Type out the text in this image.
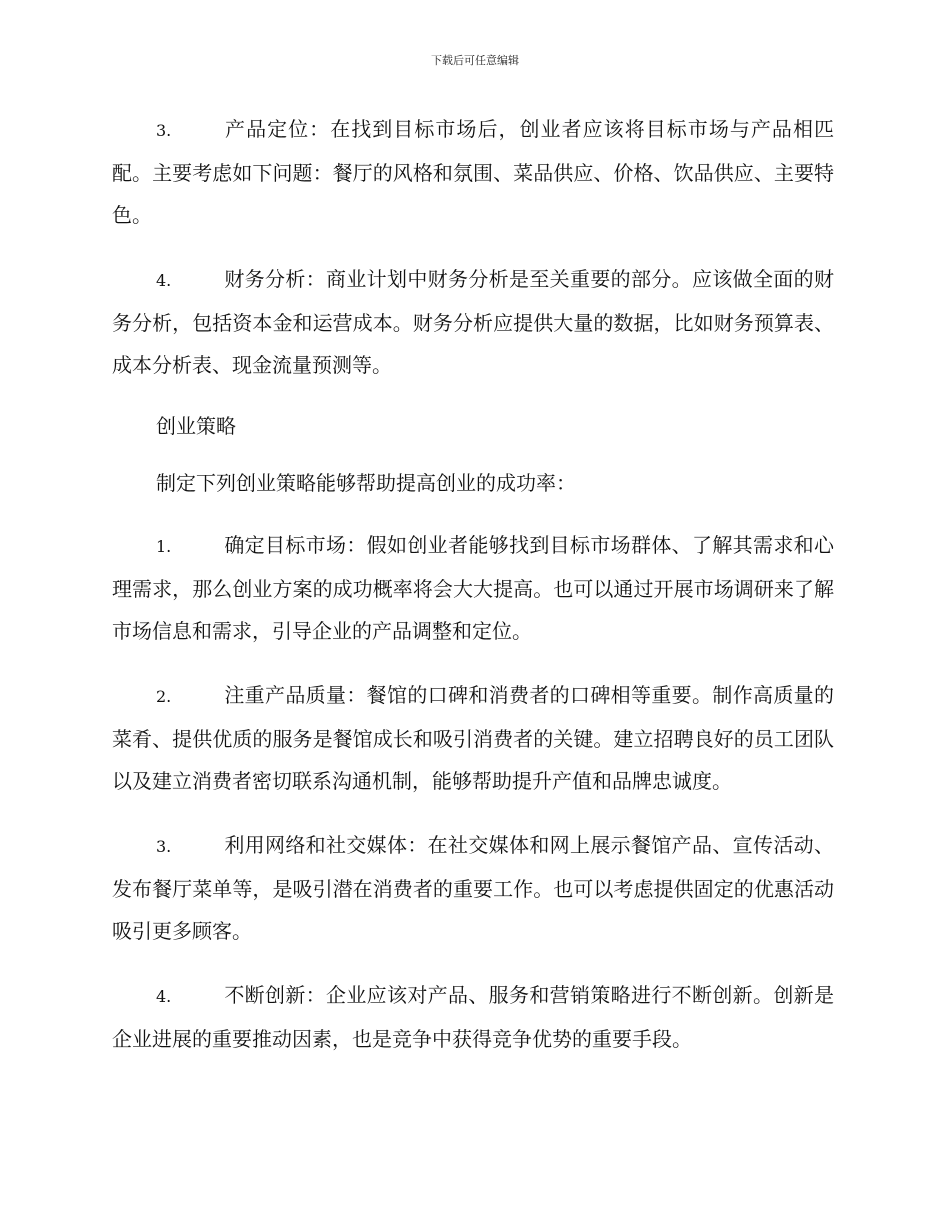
下载后可任意编辑

3.	产品定位：在找到目标市场后，创业者应该将目标市场与产品相匹配。主要考虑如下问题：餐厅的风格和氛围、菜品供应、价格、饮品供应、主要特色。

4.	财务分析：商业计划中财务分析是至关重要的部分。应该做全面的财务分析，包括资本金和运营成本。财务分析应提供大量的数据，比如财务预算表、成本分析表、现金流量预测等。

创业策略

制定下列创业策略能够帮助提高创业的成功率：

1.	确定目标市场：假如创业者能够找到目标市场群体、了解其需求和心理需求，那么创业方案的成功概率将会大大提高。也可以通过开展市场调研来了解市场信息和需求，引导企业的产品调整和定位。

2.	注重产品质量：餐馆的口碑和消费者的口碑相等重要。制作高质量的菜肴、提供优质的服务是餐馆成长和吸引消费者的关键。建立招聘良好的员工团队以及建立消费者密切联系沟通机制，能够帮助提升产值和品牌忠诚度。

3.	利用网络和社交媒体：在社交媒体和网上展示餐馆产品、宣传活动、发布餐厅菜单等，是吸引潜在消费者的重要工作。也可以考虑提供固定的优惠活动吸引更多顾客。

4.	不断创新：企业应该对产品、服务和营销策略进行不断创新。创新是企业进展的重要推动因素，也是竞争中获得竞争优势的重要手段。
